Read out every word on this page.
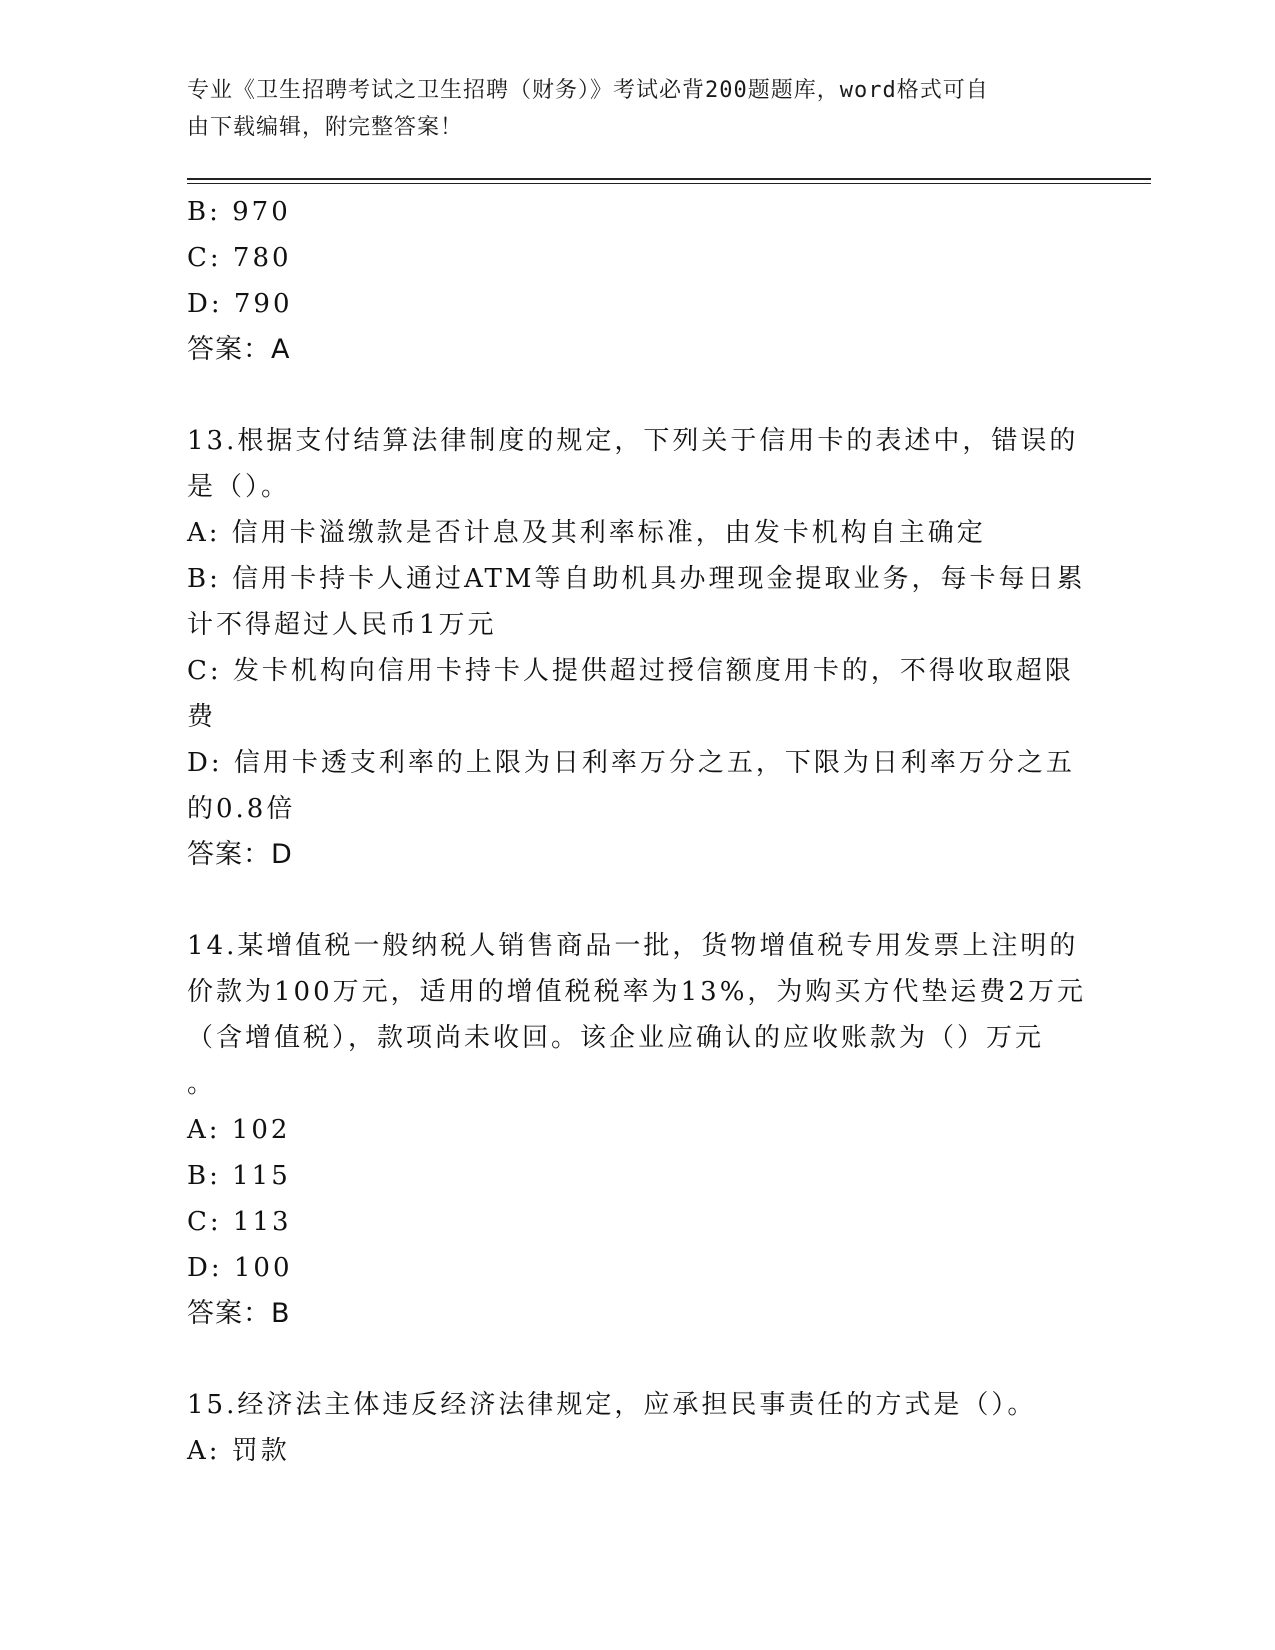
专业《卫生招聘考试之卫生招聘（财务）》考试必背200题题库，word格式可自
由下载编辑，附完整答案！
B: 970
C: 780
D: 790
答案：A
13.根据支付结算法律制度的规定，下列关于信用卡的表述中，错误的
是（）。
A: 信用卡溢缴款是否计息及其利率标准，由发卡机构自主确定
B: 信用卡持卡人通过ATM等自助机具办理现金提取业务，每卡每日累
计不得超过人民币1万元
C: 发卡机构向信用卡持卡人提供超过授信额度用卡的，不得收取超限
费
D: 信用卡透支利率的上限为日利率万分之五，下限为日利率万分之五
的0.8倍
答案：D
14.某增值税一般纳税人销售商品一批，货物增值税专用发票上注明的
价款为100万元，适用的增值税税率为13%，为购买方代垫运费2万元
（含增值税），款项尚未收回。该企业应确认的应收账款为（）万元
。
A: 102
B: 115
C: 113
D: 100
答案：B
15.经济法主体违反经济法律规定，应承担民事责任的方式是（）。
A: 罚款
